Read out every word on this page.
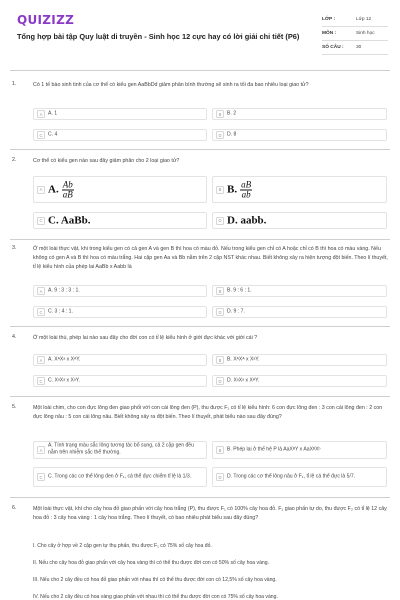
QUIZIZZ
Tổng hợp bài tập Quy luật di truyền - Sinh học 12 cực hay có lời giải chi tiết (P6)
LỚP :	Lớp 12
MÔN :	Sinh học
SỐ CÂU :	30
1.	Có 1 tế bào sinh tinh của cơ thể có kiểu gen AaBbDd giảm phân bình thường sẽ sinh ra tối đa bao nhiêu loại giao tử?
A	A. 1	B	B. 2
C	C. 4	D	D. 8
2.	Cơ thể có kiểu gen nào sau đây giảm phân cho 2 loại giao tử?
A A. $\frac{Ab}{aB}$	B B. $\frac{aB}{ab}$
C C. AaBb.	D D. aabb.
3.	Ở một loài thực vật, khi trong kiểu gen có cả gen A và gen B thì hoa có màu đỏ. Nếu trong kiểu gen chỉ có A hoặc chỉ có B thì hoa có màu vàng. Nếu không có gen A và B thì hoa có màu trắng. Hai cặp gen Aa và Bb nằm trên 2 cặp NST khác nhau. Biết không xảy ra hiện tượng đột biến. Theo lí thuyết, tỉ lệ kiểu hình của phép lai AaBb x Aabb là
A	A. 9 : 3 : 3 : 1.	B	B. 9 : 6 : 1.
C	C. 3 : 4 : 1.	D	D. 9 : 7.
4.	Ở một loài thú, phép lai nào sau đây cho đời con có tỉ lệ kiểu hình ở giới đực khác với giới cái ?
A	A. XᴬXᵃ x XᴬY.	B	B. XᴬXᴬ x XᵃY.
C	C. XᵃXᵃ x XᵃY.	D	D. XᵃXᵃ x XᴬY.
5.	Một loài chim, cho con đực lông đen giao phối với con cái lông đen (P), thu được F₁ có tỉ lệ kiểu hình: 6 con đực lông đen : 3 con cái lông đen : 2 con đực lông nâu : 5 con cái lông nâu. Biết không xảy ra đột biến. Theo lí thuyết, phát biểu nào sau đây đúng?
A
A. Tính trạng màu sắc lông tương tác bổ sung, cả 2 cặp gen đều nằm trên nhiễm sắc thể thường.	B	B. Phép lai ở thế hệ P là AaXᴮY x AaXᴮXᵇ
C	C. Trong các cơ thể lông đen ở F₁, cá thể đực chiếm tỉ lệ là 1/3.	D	D. Trong các cơ thể lông nâu ở F₁, tỉ lệ cá thể đực là 5/7.
6.	Một loài thực vật, khi cho cây hoa đỏ giao phấn với cây hoa trắng (P), thu được F₁ có 100% cây hoa đỏ. F₁ giao phấn tự do, thu được F₂ có tỉ lệ 12 cây hoa đỏ : 3 cây hoa vàng : 1 cây hoa trắng. Theo lí thuyết, có bao nhiêu phát biểu sau đây đúng?
I. Cho cây ở hợp về 2 cặp gen tự thụ phấn, thu được F₁ có 75% số cây hoa đỏ.
II. Nếu cho cây hoa đỏ giao phấn với cây hoa vàng thì có thể thu được đời con có 50% số cây hoa vàng.
III. Nếu cho 2 cây đều có hoa đỏ giao phấn với nhau thì có thể thu được đời con có 12,5% số cây hoa vàng.
IV. Nếu cho 2 cây đều có hoa vàng giao phấn với nhau thì có thể thu được đời con có 75% số cây hoa vàng.
